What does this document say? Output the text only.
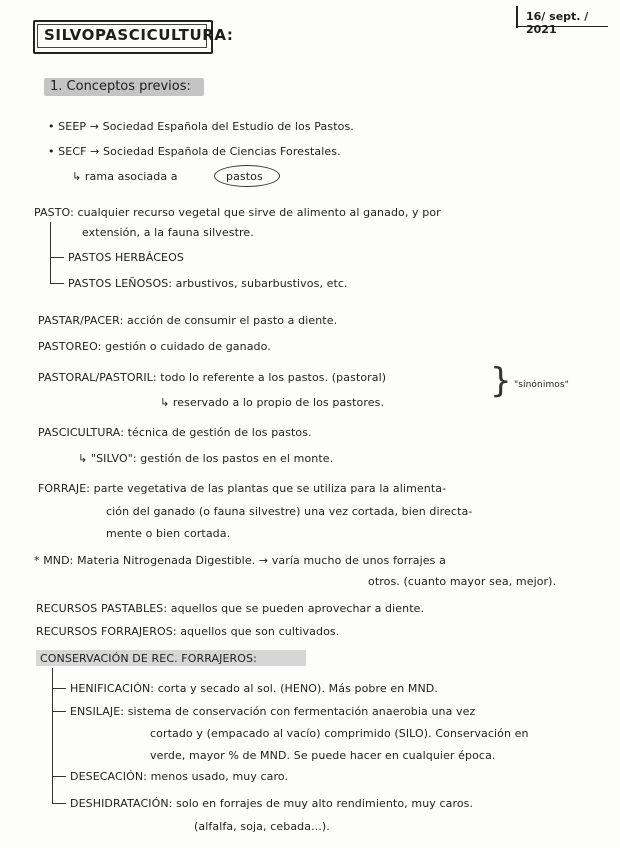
SILVOPASCICULTURA:
16/ sept. / 2021
1. Conceptos previos:
• SEEP → Sociedad Española del Estudio de los Pastos.
• SECF → Sociedad Española de Ciencias Forestales.
↳ rama asociada a	pastos
PASTO: cualquier recurso vegetal que sirve de alimento al ganado, y por
extensión, a la fauna silvestre.
PASTOS HERBÁCEOS
PASTOS LEÑOSOS: arbustivos, subarbustivos, etc.
PASTAR/PACER: acción de consumir el pasto a diente.
PASTOREO: gestión o cuidado de ganado.
PASTORAL/PASTORIL: todo lo referente a los pastos. (pastoral)
↳ reservado a lo propio de los pastores.
} "sinónimos"
PASCICULTURA: técnica de gestión de los pastos.
↳ "SILVO": gestión de los pastos en el monte.
FORRAJE: parte vegetativa de las plantas que se utiliza para la alimenta-
ción del ganado (o fauna silvestre) una vez cortada, bien directa-
mente o bien cortada.
* MND: Materia Nitrogenada Digestible. → varía mucho de unos forrajes a
otros. (cuanto mayor sea, mejor).
RECURSOS PASTABLES: aquellos que se pueden aprovechar a diente.
RECURSOS FORRAJEROS: aquellos que son cultivados.
CONSERVACIÓN DE REC. FORRAJEROS:
HENIFICACIÓN: corta y secado al sol. (HENO). Más pobre en MND.
ENSILAJE: sistema de conservación con fermentación anaerobia una vez
cortado y (empacado al vacío) comprimido (SILO). Conservación en
verde, mayor % de MND. Se puede hacer en cualquier época.
DESECACIÓN: menos usado, muy caro.
DESHIDRATACIÓN: solo en forrajes de muy alto rendimiento, muy caros.
(alfalfa, soja, cebada...).
